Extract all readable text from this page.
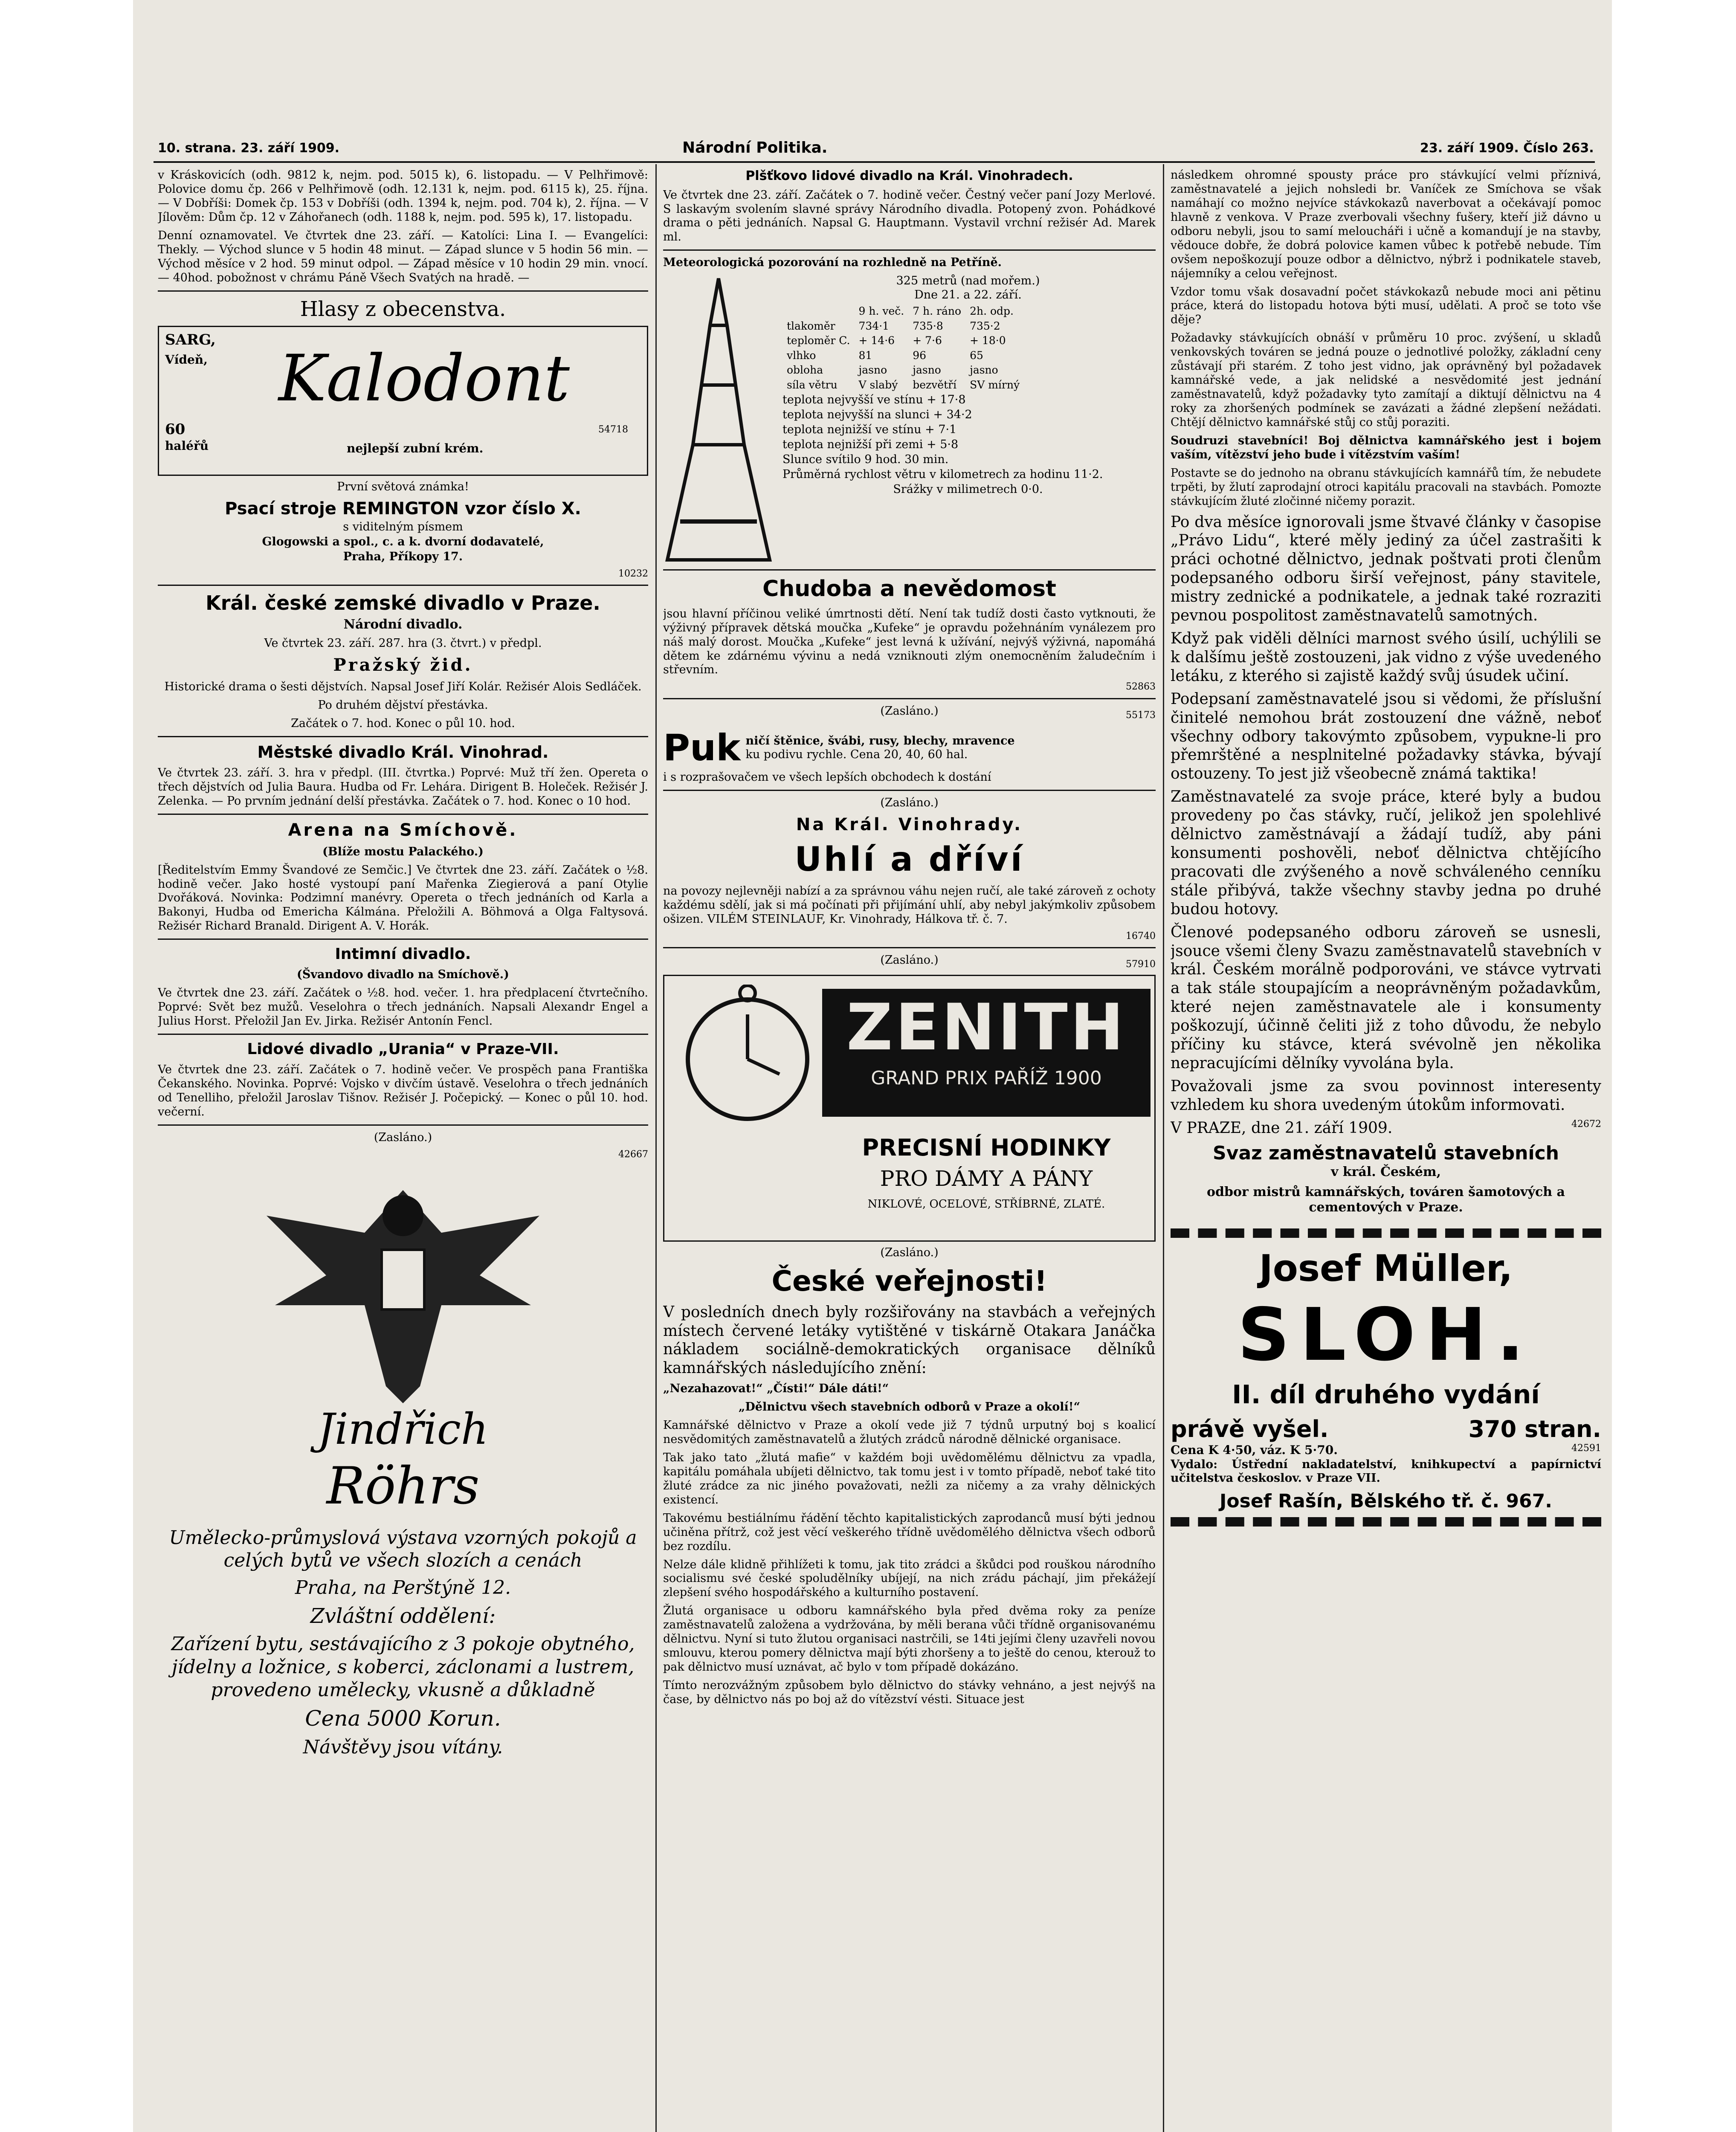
10. strana. 23. září 1909.	Národní Politika.	23. září 1909. Číslo 263.

v Kráskovicích (odh. 9812 k, nejm. pod. 5015 k), 6. listopadu. — V Pelhřimově: Polovice domu čp. 266 v Pelhřimově (odh. 12.131 k, nejm. pod. 6115 k), 25. října. — V Dobříši: Domek čp. 153 v Dobříši (odh. 1394 k, nejm. pod. 704 k), 2. října. — V Jílověm: Dům čp. 12 v Záhořanech (odh. 1188 k, nejm. pod. 595 k), 17. listopadu.

Denní oznamovatel. Ve čtvrtek dne 23. září. — Katolíci: Lina I. — Evangelíci: Thekly. — Východ slunce v 5 hodin 48 minut. — Západ slunce v 5 hodin 56 min. — Východ měsíce v 2 hod. 59 minut odpol. — Západ měsíce v 10 hodin 29 min. vnocí. — 40hod. pobožnost v chrámu Páně Všech Svatých na hradě. —

Hlasy z obecenstva.

SARG,
Vídeň, Kalodont
60
haléřů	nejlepší zubní krém.
54718

První světová známka!

Psací stroje REMINGTON vzor číslo X.

s viditelným písmem

Glogowski a spol., c. a k. dvorní dodavatelé,

Praha, Příkopy 17.

10232

Král. české zemské divadlo v Praze.

Národní divadlo.

Ve čtvrtek 23. září. 287. hra (3. čtvrt.) v předpl.

Pražský žid.

Historické drama o šesti dějstvích. Napsal Josef Jiří Kolár. Režisér Alois Sedláček.

Po druhém dějství přestávka.

Začátek o 7. hod. Konec o půl 10. hod.

Městské divadlo Král. Vinohrad.

Ve čtvrtek 23. září. 3. hra v předpl. (III. čtvrtka.) Poprvé: Muž tří žen. Opereta o třech dějstvích od Julia Baura. Hudba od Fr. Lehára. Dirigent B. Holeček. Režisér J. Zelenka. — Po prvním jednání delší přestávka. Začátek o 7. hod. Konec o 10 hod.

Arena na Smíchově.

(Blíže mostu Palackého.)

[Ředitelstvím Emmy Švandové ze Semčic.] Ve čtvrtek dne 23. září. Začátek o ½8. hodině večer. Jako hosté vystoupí paní Mařenka Ziegierová a paní Otylie Dvořáková. Novinka: Podzimní manévry. Opereta o třech jednáních od Karla a Bakonyi, Hudba od Emericha Kálmána. Přeložili A. Böhmová a Olga Faltysová. Režisér Richard Branald. Dirigent A. V. Horák.

Intimní divadlo.

(Švandovo divadlo na Smíchově.)

Ve čtvrtek dne 23. září. Začátek o ½8. hod. večer. 1. hra předplacení čtvrtečního. Poprvé: Svět bez mužů. Veselohra o třech jednáních. Napsali Alexandr Engel a Julius Horst. Přeložil Jan Ev. Jirka. Režisér Antonín Fencl.

Lidové divadlo „Urania“ v Praze-VII.

Ve čtvrtek dne 23. září. Začátek o 7. hodině večer. Ve prospěch pana Františka Čekanského. Novinka. Poprvé: Vojsko v divčím ústavě. Veselohra o třech jednáních od Tenelliho, přeložil Jaroslav Tišnov. Režisér J. Počepický. — Konec o půl 10. hod. večerní.

(Zasláno.)

42667

Jindřich

Röhrs

Umělecko-průmyslová výstava vzorných pokojů a celých bytů ve všech slozích a cenách

Praha, na Perštýně 12.

Zvláštní oddělení:

Zařízení bytu, sestávajícího z 3 pokoje obytného, jídelny a ložnice, s koberci, záclonami a lustrem, provedeno umělecky, vkusně a důkladně

Cena 5000 Korun.

Návštěvy jsou vítány.

Plšťkovo lidové divadlo na Král. Vinohradech.

Ve čtvrtek dne 23. září. Začátek o 7. hodině večer. Čestný večer paní Jozy Merlové. S laskavým svolením slavné správy Národního divadla. Potopený zvon. Pohádkové drama o pěti jednáních. Napsal G. Hauptmann. Vystavil vrchní režisér Ad. Marek ml.

Meteorologická pozorování na rozhledně na Petříně.

325 metrů (nad mořem.)

Dne 21. a 22. září.

	9 h. več.	7 h. ráno	2h. odp.
tlakoměr	734·1	735·8	735·2
teploměr C.	+ 14·6	+ 7·6	+ 18·0
vlhko	81	96	65
obloha	jasno	jasno	jasno
síla větru	V slabý	bezvětří	SV mírný

teplota nejvyšší ve stínu + 17·8

teplota nejvyšší na slunci + 34·2

teplota nejnižší ve stínu + 7·1

teplota nejnižší při zemi + 5·8

Slunce svítilo 9 hod. 30 min.

Průměrná rychlost větru v kilometrech za hodinu 11·2.

Srážky v milimetrech 0·0.

Chudoba a nevědomost

jsou hlavní příčinou veliké úmrtnosti dětí. Není tak tudíž dosti často vytknouti, že výživný přípravek dětská moučka „Kufeke“ je opravdu požehnáním vynálezem pro náš malý dorost. Moučka „Kufeke“ jest levná k užívání, nejvýš výživná, napomáhá dětem ke zdárnému vývinu a nedá vzniknouti zlým onemocněním žaludečním i střevním.

52863

(Zasláno.)	55173

Puk ničí štěnice, švábi, rusy, blechy, mravence

ku podivu rychle. Cena 20, 40, 60 hal.

i s rozprašovačem ve všech lepších obchodech k dostání

(Zasláno.)

Na Král. Vinohrady.

Uhlí a dříví

na povozy nejlevněji nabízí a za správnou váhu nejen ručí, ale také zároveň z ochoty každému sdělí, jak si má počínati při přijímání uhlí, aby nebyl jakýmkoliv způsobem ošizen. VILÉM STEINLAUF, Kr. Vinohrady, Hálkova tř. č. 7.

16740

(Zasláno.)	57910

ZENITH
GRAND PRIX PAŘÍŽ 1900
PRECISNÍ HODINKY
PRO DÁMY A PÁNY
NIKLOVÉ, OCELOVÉ, STŘÍBRNÉ, ZLATÉ.

(Zasláno.)

České veřejnosti!

V posledních dnech byly rozšiřovány na stavbách a veřejných místech červené letáky vytištěné v tiskárně Otakara Janáčka nákladem sociálně-demokratických organisace dělníků kamnářských následujícího znění:

„Nezahazovat!“ „Čísti!“ Dále dáti!“

„Dělnictvu všech stavebních odborů v Praze a okolí!“

Kamnářské dělnictvo v Praze a okolí vede již 7 týdnů urputný boj s koalicí nesvědomitých zaměstnavatelů a žlutých zrádců národně dělnické organisace.

Tak jako tato „žlutá mafie“ v každém boji uvědomělému dělnictvu za vpadla, kapitálu pomáhala ubíjeti dělnictvo, tak tomu jest i v tomto případě, neboť také tito žluté zrádce za nic jiného považovati, nežli za ničemy a za vrahy dělnických existencí.

Takovému bestiálnímu řádění těchto kapitalistických zaprodanců musí býti jednou učiněna přítrž, což jest věcí veškerého třídně uvědomělého dělnictva všech odborů bez rozdílu.

Nelze dále klidně přihlížeti k tomu, jak tito zrádci a škůdci pod rouškou národního socialismu své české spoludělníky ubíjejí, na nich zrádu páchají, jim překážejí zlepšení svého hospodářského a kulturního postavení.

Žlutá organisace u odboru kamnářského byla před dvěma roky za peníze zaměstnavatelů založena a vydržována, by měli berana vůči třídně organisovanému dělnictvu. Nyní si tuto žlutou organisaci nastrčili, se 14ti jejími členy uzavřeli novou smlouvu, kterou pomery dělnictva mají býti zhoršeny a to ještě do cenou, kterouž to pak dělnictvo musí uznávat, ač bylo v tom případě dokázáno.

Tímto nerozvážným způsobem bylo dělnictvo do stávky vehnáno, a jest nejvýš na čase, by dělnictvo nás po boj až do vítězství vésti. Situace jest

následkem ohromné spousty práce pro stávkující velmi příznivá, zaměstnavatelé a jejich nohsledi br. Vaníček ze Smíchova se však namáhají co možno nejvíce stávkokazů naverbovat a očekávají pomoc hlavně z venkova. V Praze zverbovali všechny fušery, kteří již dávno u odboru nebyli, jsou to samí meloucháři i učně a komandují je na stavby, vědouce dobře, že dobrá polovice kamen vůbec k potřebě nebude. Tím ovšem nepoškozují pouze odbor a dělnictvo, nýbrž i podnikatele staveb, nájemníky a celou veřejnost.

Vzdor tomu však dosavadní počet stávkokazů nebude moci ani pětinu práce, která do listopadu hotova býti musí, udělati. A proč se toto vše děje?

Požadavky stávkujících obnáší v průměru 10 proc. zvýšení, u skladů venkovských továren se jedná pouze o jednotlivé položky, základní ceny zůstávají při starém. Z toho jest vidno, jak oprávněný byl požadavek kamnářské vede, a jak nelidské a nesvědomité jest jednání zaměstnavatelů, když požadavky tyto zamítají a diktují dělnictvu na 4 roky za zhoršených podmínek se zavázati a žádné zlepšení nežádati. Chtějí dělnictvo kamnářské stůj co stůj poraziti.

Soudruzi stavebníci! Boj dělnictva kamnářského jest i bojem vaším, vítězství jeho bude i vítězstvím vaším!

Postavte se do jednoho na obranu stávkujících kamnářů tím, že nebudete trpěti, by žlutí zaprodajní otroci kapitálu pracovali na stavbách. Pomozte stávkujícím žluté zločinné ničemy porazit.

Po dva měsíce ignorovali jsme štvavé články v časopise „Právo Lidu“, které měly jediný za účel zastrašiti k práci ochotné dělnictvo, jednak poštvati proti členům podepsaného odboru širší veřejnost, pány stavitele, mistry zednické a podnikatele, a jednak také rozraziti pevnou pospolitost zaměstnavatelů samotných.

Když pak viděli dělníci marnost svého úsilí, uchýlili se k dalšímu ještě zostouzeni, jak vidno z výše uvedeného letáku, z kterého si zajistě každý svůj úsudek učiní.

Podepsaní zaměstnavatelé jsou si vědomi, že příslušní činitelé nemohou brát zostouzení dne vážně, neboť všechny odbory takovýmto způsobem, vypukne-li pro přemrštěné a nesplnitelné požadavky stávka, bývají ostouzeny. To jest již všeobecně známá taktika!

Zaměstnavatelé za svoje práce, které byly a budou provedeny po čas stávky, ručí, jelikož jen spolehlivé dělnictvo zaměstnávají a žádají tudíž, aby páni konsumenti poshověli, neboť dělnictva chtějícího pracovati dle zvýšeného a nově schváleného cenníku stále přibývá, takže všechny stavby jedna po druhé budou hotovy.

Členové podepsaného odboru zároveň se usnesli, jsouce všemi členy Svazu zaměstnavatelů stavebních v král. Českém morálně podporováni, ve stávce vytrvati a tak stále stoupajícím a neoprávněným požadavkům, které nejen zaměstnavatele ale i konsumenty poškozují, účinně čeliti již z toho důvodu, že nebylo příčiny ku stávce, která svévolně jen několika nepracujícími dělníky vyvolána byla.

Považovali jsme za svou povinnost interesenty vzhledem ku shora uvedeným útokům informovati.

V PRAZE, dne 21. září 1909.	42672

Svaz zaměstnavatelů stavebních

v král. Českém,

odbor mistrů kamnářských, továren šamotových a cementových v Praze.

Josef Müller,

SLOH.

II. díl druhého vydání

právě vyšel.	370 stran.
Cena K 4·50, váz. K 5·70.	42591

Vydalo: Ústřední nakladatelství, knihkupectví a papírnictví učitelstva českoslov. v Praze VII.

Josef Rašín, Bělského tř. č. 967.
